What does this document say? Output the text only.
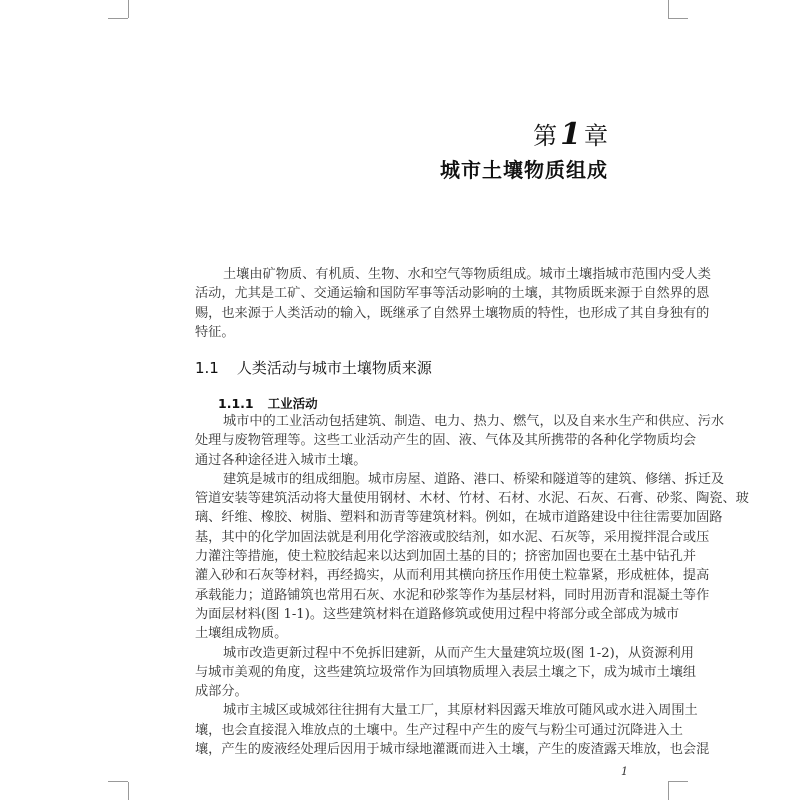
第 1 章
城市土壤物质组成
土壤由矿物质、有机质、生物、水和空气等物质组成。城市土壤指城市范围内受人类
活动，尤其是工矿、交通运输和国防军事等活动影响的土壤，其物质既来源于自然界的恩
赐，也来源于人类活动的输入，既继承了自然界土壤物质的特性，也形成了其自身独有的
特征。
1.1 人类活动与城市土壤物质来源
1.1.1 工业活动
城市中的工业活动包括建筑、制造、电力、热力、燃气，以及自来水生产和供应、污水
处理与废物管理等。这些工业活动产生的固、液、气体及其所携带的各种化学物质均会
通过各种途径进入城市土壤。
建筑是城市的组成细胞。城市房屋、道路、港口、桥梁和隧道等的建筑、修缮、拆迁及
管道安装等建筑活动将大量使用钢材、木材、竹材、石材、水泥、石灰、石膏、砂浆、陶瓷、玻
璃、纤维、橡胶、树脂、塑料和沥青等建筑材料。例如，在城市道路建设中往往需要加固路
基，其中的化学加固法就是利用化学溶液或胶结剂，如水泥、石灰等，采用搅拌混合或压
力灌注等措施，使土粒胶结起来以达到加固土基的目的；挤密加固也要在土基中钻孔并
灌入砂和石灰等材料，再经捣实，从而利用其横向挤压作用使土粒靠紧，形成桩体，提高
承载能力；道路铺筑也常用石灰、水泥和砂浆等作为基层材料，同时用沥青和混凝土等作
为面层材料(图 1-1)。这些建筑材料在道路修筑或使用过程中将部分或全部成为城市
土壤组成物质。
城市改造更新过程中不免拆旧建新，从而产生大量建筑垃圾(图 1-2)，从资源利用
与城市美观的角度，这些建筑垃圾常作为回填物质埋入表层土壤之下，成为城市土壤组
成部分。
城市主城区或城郊往往拥有大量工厂，其原材料因露天堆放可随风或水进入周围土
壤，也会直接混入堆放点的土壤中。生产过程中产生的废气与粉尘可通过沉降进入土
壤，产生的废液经处理后因用于城市绿地灌溉而进入土壤，产生的废渣露天堆放，也会混
1
